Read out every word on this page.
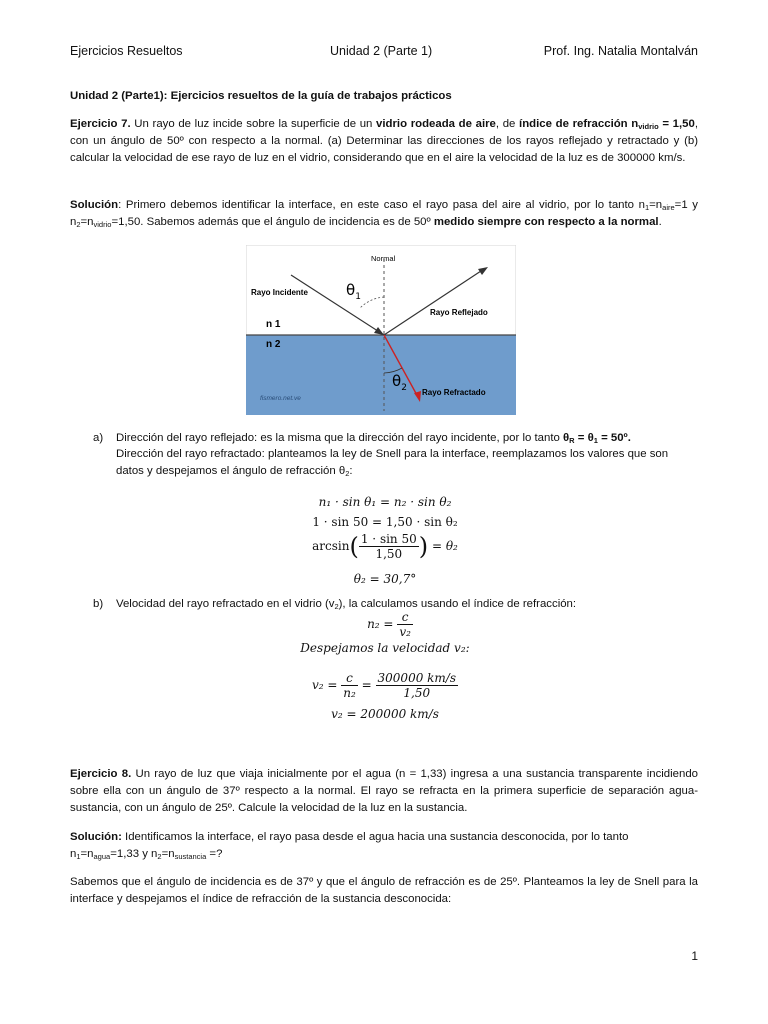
Ejercicios Resueltos	Unidad 2 (Parte 1)	Prof. Ing. Natalia Montalván
Unidad 2 (Parte1): Ejercicios resueltos de la guía de trabajos prácticos
Ejercicio 7. Un rayo de luz incide sobre la superficie de un vidrio rodeada de aire, de índice de refracción $n_{vidrio} = 1,50$, con un ángulo de 50º con respecto a la normal. (a) Determinar las direcciones de los rayos reflejado y retractado y (b) calcular la velocidad de ese rayo de luz en el vidrio, considerando que en el aire la velocidad de la luz es de 300000 km/s.
Solución: Primero debemos identificar la interface, en este caso el rayo pasa del aire al vidrio, por lo tanto $n_1=n_{aire}=1$ y $n_2=n_{vidrio}=1,50$. Sabemos además que el ángulo de incidencia es de 50º medido siempre con respecto a la normal.
Normal
Rayo Incidente
Rayo Reflejado
Rayo Refractado
n 1
n 2
$\theta_1$
$\theta_2$
fismero.net.ve
a) Dirección del rayo reflejado: es la misma que la dirección del rayo incidente, por lo tanto $\theta_R = \theta_1$ = 50º.
Dirección del rayo refractado: planteamos la ley de Snell para la interface, reemplazamos los valores que son datos y despejamos el ángulo de refracción $\theta_2$:
n₁ · sin θ₁ = n₂ · sin θ₂
1 · sin 50 = 1,50 · sin θ₂
$\arcsin( \frac{1 \cdot \sin 50}{1,50}$ ) = θ₂
θ₂ = 30,7°
b) Velocidad del rayo refractado en el vidrio $(v_2)$, la calculamos usando el índice de refracción:
$n_2 = \frac{c}{\text{v₂}}$
Despejamos la velocidad v₂:
$v_2 = \frac{c}{\text{n₂}} = \frac{300000 km/s}{1,50}$
v₂ = 200000 km/s
Ejercicio 8. Un rayo de luz que viaja inicialmente por el agua (n = 1,33) ingresa a una sustancia transparente incidiendo sobre ella con un ángulo de 37º respecto a la normal. El rayo se refracta en la primera superficie de separación agua-sustancia, con un ángulo de 25º. Calcule la velocidad de la luz en la sustancia.
Solución: Identificamos la interface, el rayo pasa desde el agua hacia una sustancia desconocida, por lo tanto
$n_1=n_{agua}=1,33$ y $n_2=n_{sustancia}$ =?
Sabemos que el ángulo de incidencia es de 37º y que el ángulo de refracción es de 25º. Planteamos la ley de Snell para la interface y despejamos el índice de refracción de la sustancia desconocida:
1
